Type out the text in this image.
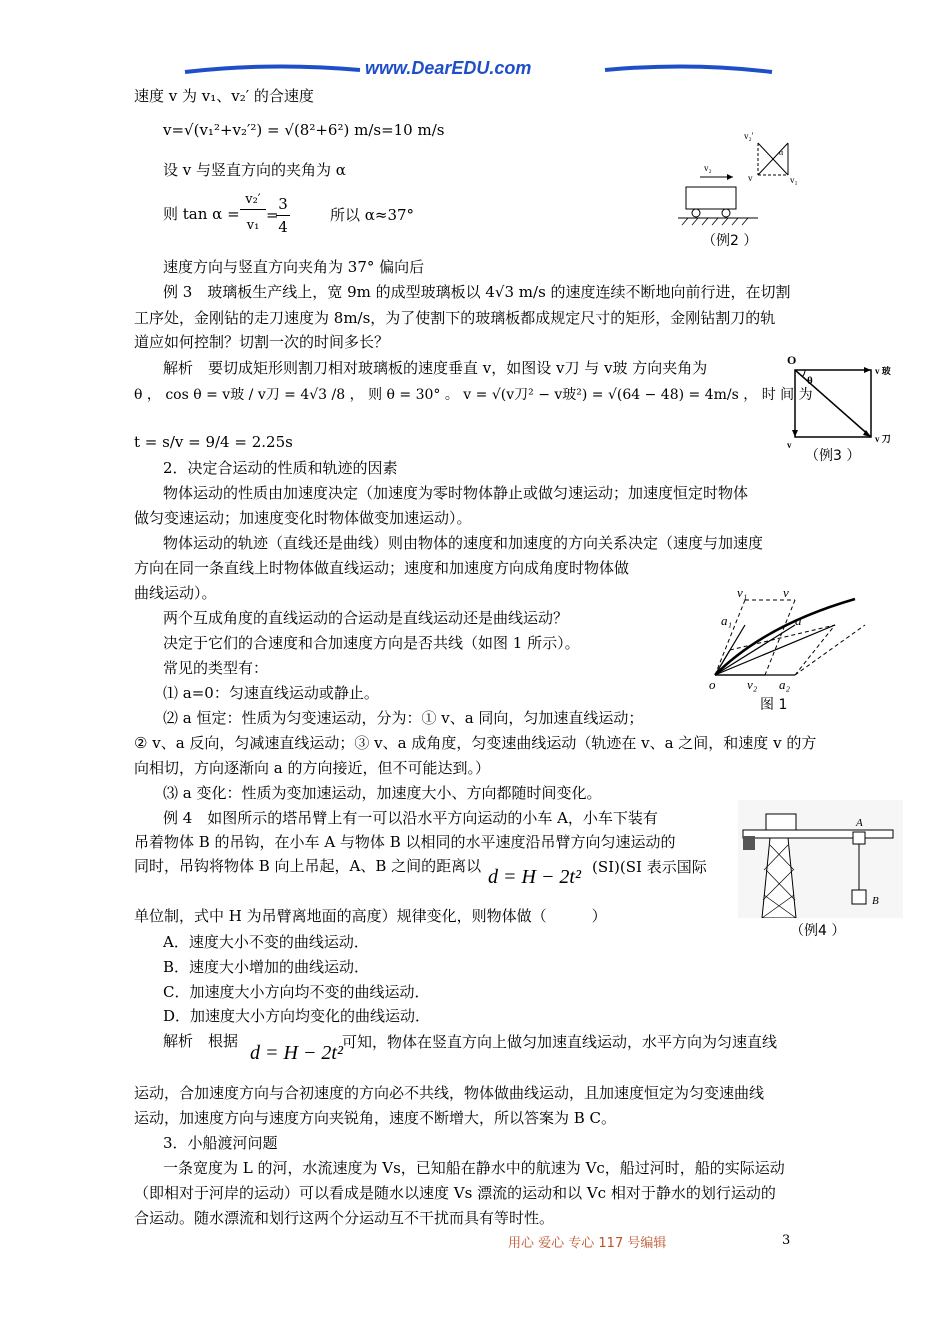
www.DearEDU.com
速度 v 为 v₁、v₂′ 的合速度
v=√(v₁²+v₂′²) = √(8²+6²) m/s=10 m/s
设 v 与竖直方向的夹角为 α
则 tan α =
v₂′
v₁
=
3
4
所以 α≈37°
速度方向与竖直方向夹角为 37° 偏向后
v₂
v₂′
v	v₁
α
（例2 ）
例 3　玻璃板生产线上，宽 9m 的成型玻璃板以 4√3 m/s 的速度连续不断地向前行进，在切割
工序处，金刚钻的走刀速度为 8m/s，为了使割下的玻璃板都成规定尺寸的矩形，金刚钻割刀的轨
道应如何控制？切割一次的时间多长？
解析　要切成矩形则割刀相对玻璃板的速度垂直 v，如图设 v刀 与 v玻 方向夹角为
θ ， cos θ = v玻 / v刀 = 4√3 /8 ， 则 θ = 30° 。 v = √(v刀² − v玻²) = √(64 − 48) = 4m/s ， 时 间 为
t = s/v = 9/4 = 2.25s
O
θ
v 玻
v
v 刀
（例3 ）
2．决定合运动的性质和轨迹的因素
物体运动的性质由加速度决定（加速度为零时物体静止或做匀速运动；加速度恒定时物体
做匀变速运动；加速度变化时物体做变加速运动）。
物体运动的轨迹（直线还是曲线）则由物体的速度和加速度的方向关系决定（速度与加速度
方向在同一条直线上时物体做直线运动；速度和加速度方向成角度时物体做
曲线运动）。
两个互成角度的直线运动的合运动是直线运动还是曲线运动？
决定于它们的合速度和合加速度方向是否共线（如图 1 所示）。
常见的类型有：
⑴ a=0：匀速直线运动或静止。
⑵ a 恒定：性质为匀变速运动，分为：① v、a 同向，匀加速直线运动；
② v、a 反向，匀减速直线运动；③ v、a 成角度，匀变速曲线运动（轨迹在 v、a 之间，和速度 v 的方
向相切，方向逐渐向 a 的方向接近，但不可能达到。）
⑶ a 变化：性质为变加速运动，加速度大小、方向都随时间变化。
v₁	v
a₁	a
o v₂ a₂
图 1
例 4　如图所示的塔吊臂上有一可以沿水平方向运动的小车 A，小车下装有
吊着物体 B 的吊钩，在小车 A 与物体 B 以相同的水平速度沿吊臂方向匀速运动的
同时，吊钩将物体 B 向上吊起，A、B 之间的距离以 d = H − 2t² (SI)(SI 表示国际
单位制，式中 H 为吊臂离地面的高度）规律变化，则物体做（　　　）
A．速度大小不变的曲线运动．
B．速度大小增加的曲线运动．
C．加速度大小方向均不变的曲线运动．
D．加速度大小方向均变化的曲线运动．
解析　根据
d = H − 2t² 可知，物体在竖直方向上做匀加速直线运动，水平方向为匀速直线
运动，合加速度方向与合初速度的方向必不共线，物体做曲线运动，且加速度恒定为匀变速曲线
运动，加速度方向与速度方向夹锐角，速度不断增大，所以答案为 B C。
A
B
（例4 ）
3．小船渡河问题
一条宽度为 L 的河，水流速度为 Vs，已知船在静水中的航速为 Vc，船过河时，船的实际运动
（即相对于河岸的运动）可以看成是随水以速度 Vs 漂流的运动和以 Vc 相对于静水的划行运动的
合运动。随水漂流和划行这两个分运动互不干扰而具有等时性。
用心 爱心 专心 117 号编辑	3
